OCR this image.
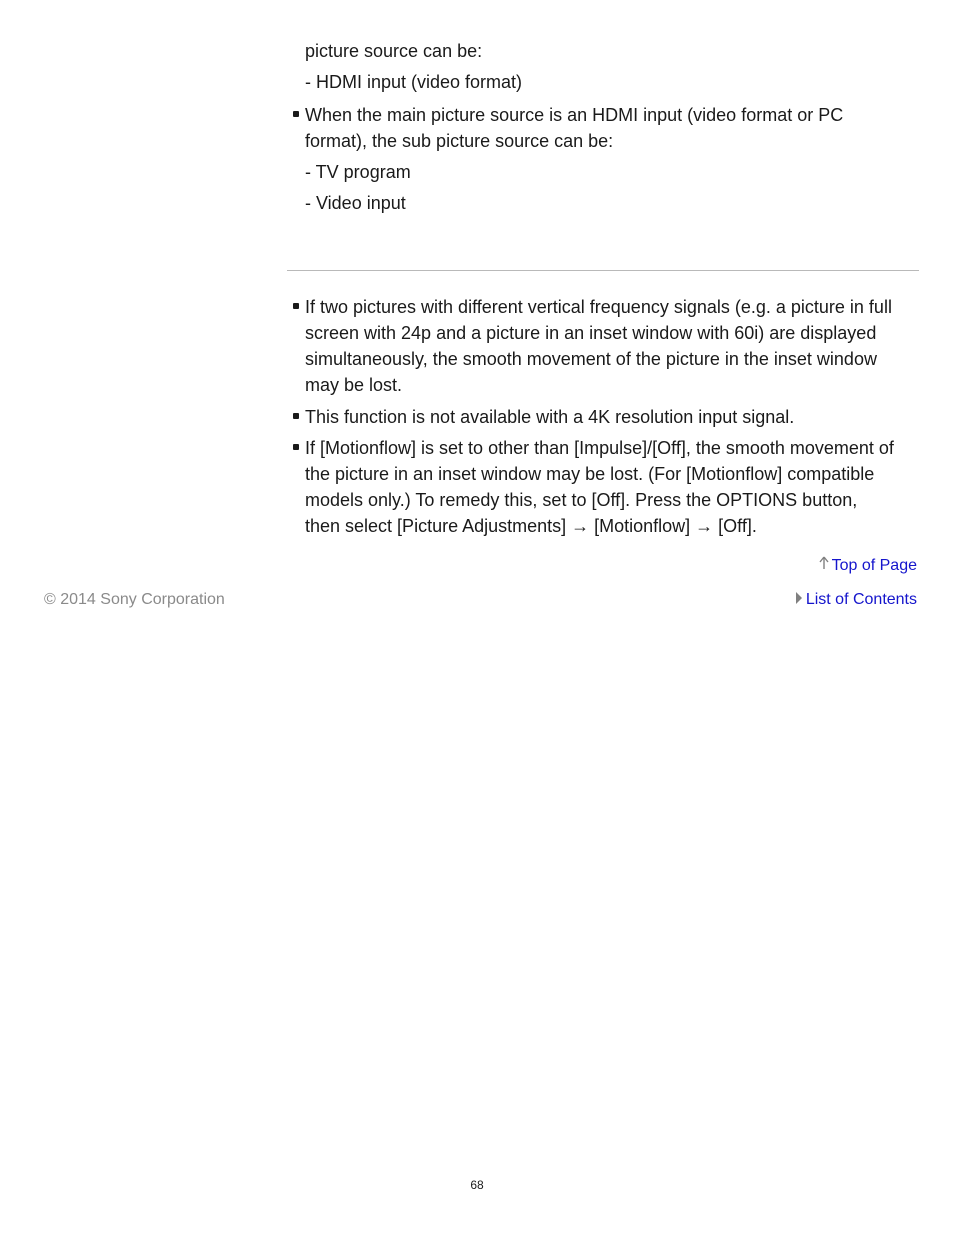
picture source can be:
- HDMI input (video format)
When the main picture source is an HDMI input (video format or PC
format), the sub picture source can be:
- TV program
- Video input
If two pictures with different vertical frequency signals (e.g. a picture in full
screen with 24p and a picture in an inset window with 60i) are displayed
simultaneously, the smooth movement of the picture in the inset window
may be lost.
This function is not available with a 4K resolution input signal.
If [Motionflow] is set to other than [Impulse]/[Off], the smooth movement of
the picture in an inset window may be lost. (For [Motionflow] compatible
models only.) To remedy this, set to [Off]. Press the OPTIONS button,
then select [Picture Adjustments] → [Motionflow] → [Off].
Top of Page
© 2014 Sony Corporation	List of Contents
68
